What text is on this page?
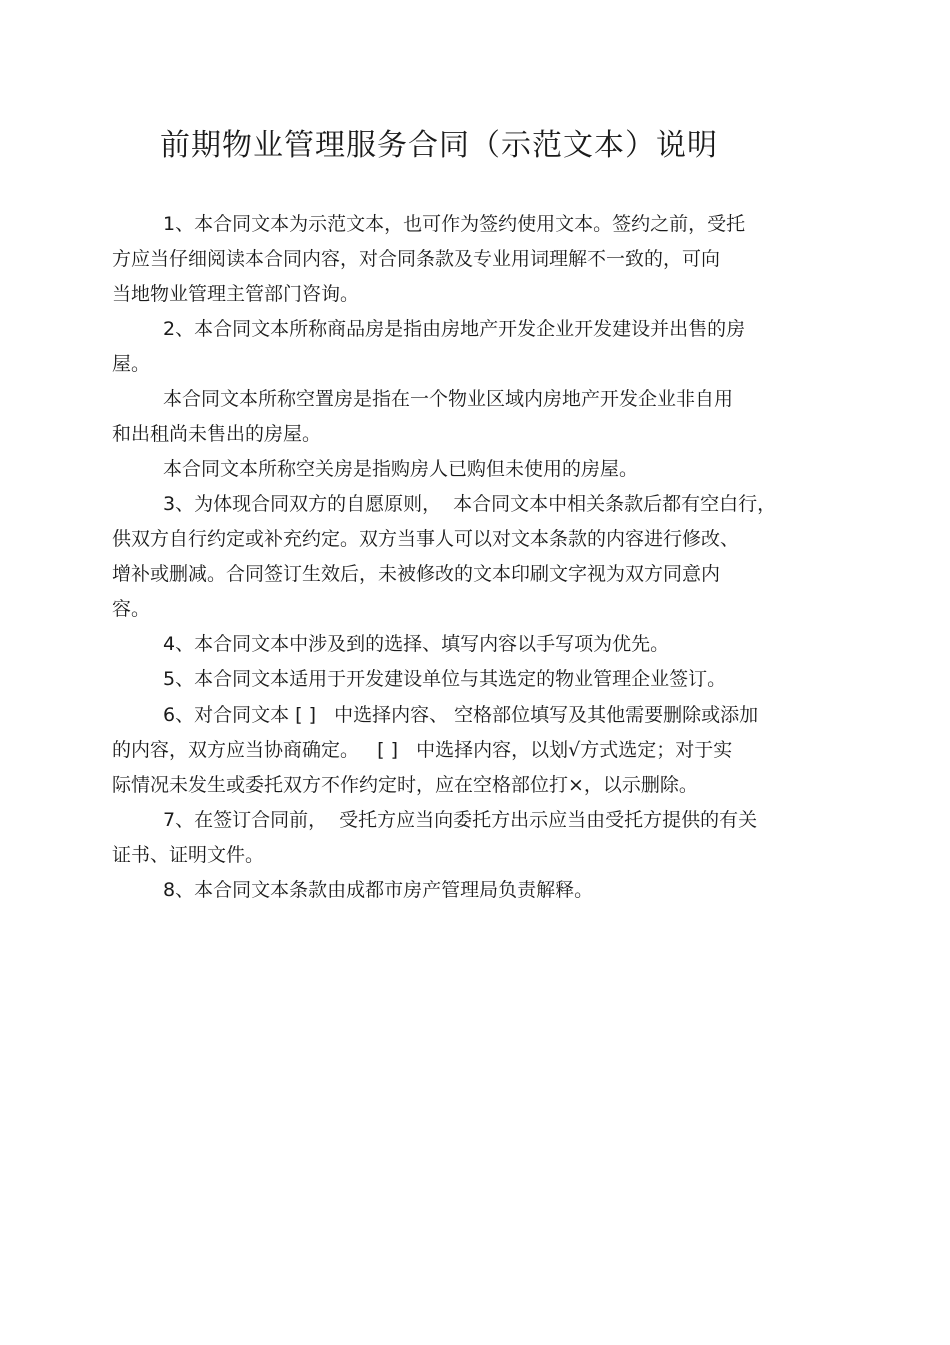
前期物业管理服务合同（示范文本）说明
1、本合同文本为示范文本，也可作为签约使用文本。签约之前，受托
方应当仔细阅读本合同内容，对合同条款及专业用词理解不一致的，可向
当地物业管理主管部门咨询。
2、本合同文本所称商品房是指由房地产开发企业开发建设并出售的房
屋。
本合同文本所称空置房是指在一个物业区域内房地产开发企业非自用
和出租尚未售出的房屋。
本合同文本所称空关房是指购房人已购但未使用的房屋。
3、为体现合同双方的自愿原则，  本合同文本中相关条款后都有空白行，
供双方自行约定或补充约定。双方当事人可以对文本条款的内容进行修改、
增补或删减。合同签订生效后，未被修改的文本印刷文字视为双方同意内
容。
4、本合同文本中涉及到的选择、填写内容以手写项为优先。
5、本合同文本适用于开发建设单位与其选定的物业管理企业签订。
6、对合同文本 [ ]   中选择内容、 空格部位填写及其他需要删除或添加
的内容，双方应当协商确定。   [ ]   中选择内容，以划√方式选定；对于实
际情况未发生或委托双方不作约定时，应在空格部位打×，以示删除。
7、在签订合同前，  受托方应当向委托方出示应当由受托方提供的有关
证书、证明文件。
8、本合同文本条款由成都市房产管理局负责解释。
